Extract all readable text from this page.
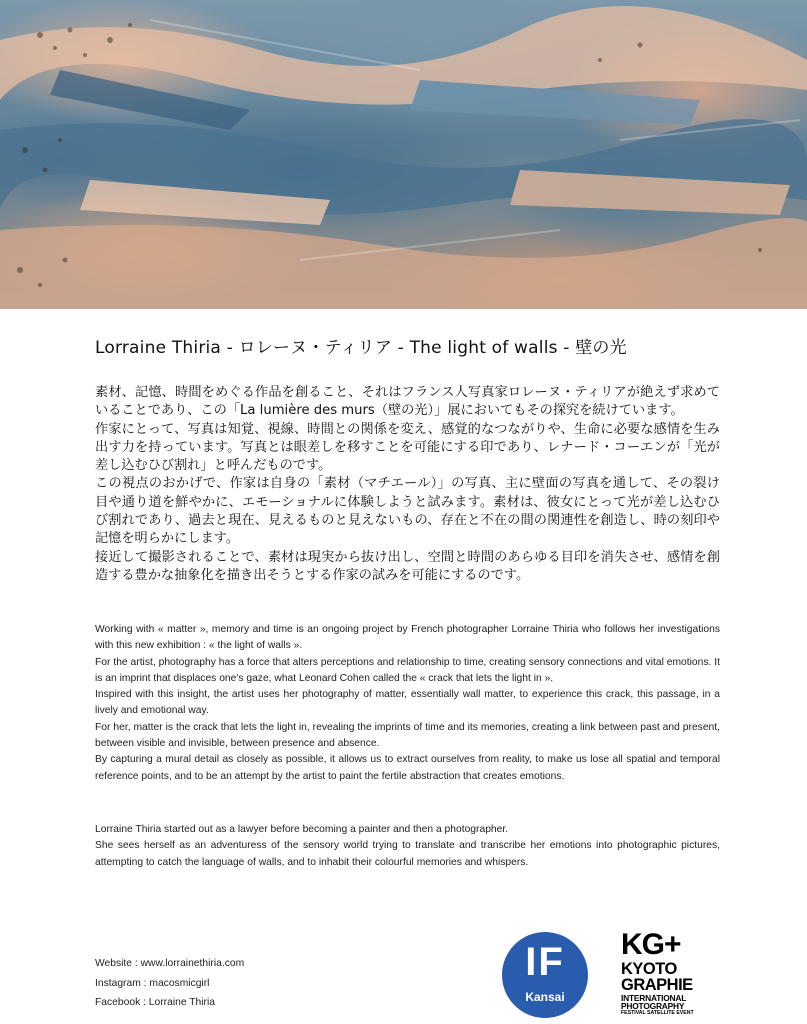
Lorraine Thiria - ロレーヌ・ティリア - The light of walls - 壁の光

素材、記憶、時間をめぐる作品を創ること、それはフランス人写真家ロレーヌ・ティリアが絶えず求めていることであり、この「La lumière des murs（壁の光）」展においてもその探究を続けています。

作家にとって、写真は知覚、視線、時間との関係を変え、感覚的なつながりや、生命に必要な感情を生み出す力を持っています。写真とは眼差しを移すことを可能にする印であり、レナード・コーエンが「光が差し込むひび割れ」と呼んだものです。

この視点のおかげで、作家は自身の「素材（マチエール）」の写真、主に壁面の写真を通して、その裂け目や通り道を鮮やかに、エモーショナルに体験しようと試みます。素材は、彼女にとって光が差し込むひび割れであり、過去と現在、見えるものと見えないもの、存在と不在の間の関連性を創造し、時の刻印や記憶を明らかにします。

接近して撮影されることで、素材は現実から抜け出し、空間と時間のあらゆる目印を消失させ、感情を創造する豊かな抽象化を描き出そうとする作家の試みを可能にするのです。

Working with « matter », memory and time is an ongoing project by French photographer Lorraine Thiria who follows her investigations with this new exhibition : « the light of walls ».

For the artist, photography has a force that alters perceptions and relationship to time, creating sensory connections and vital emotions. It is an imprint that displaces one's gaze, what Leonard Cohen called the « crack that lets the light in ».

Inspired with this insight, the artist uses her photography of matter, essentially wall matter, to experience this crack, this passage, in a lively and emotional way.

For her, matter is the crack that lets the light in, revealing the imprints of time and its memories, creating a link between past and present, between visible and invisible, between presence and absence.

By capturing a mural detail as closely as possible, it allows us to extract ourselves from reality, to make us lose all spatial and temporal reference points, and to be an attempt by the artist to paint the fertile abstraction that creates emotions.

Lorraine Thiria started out as a lawyer before becoming a painter and then a photographer.

She sees herself as an adventuress of the sensory world trying to translate and transcribe her emotions into photographic pictures, attempting to catch the language of walls, and to inhabit their colourful memories and whispers.

Website : www.lorrainethiria.com
Instagram : macosmicgirl
Facebook : Lorraine Thiria
IF
Kansai
KG+
KYOTO
GRAPHIE
INTERNATIONAL
PHOTOGRAPHY
FESTIVAL SATELLITE EVENT
